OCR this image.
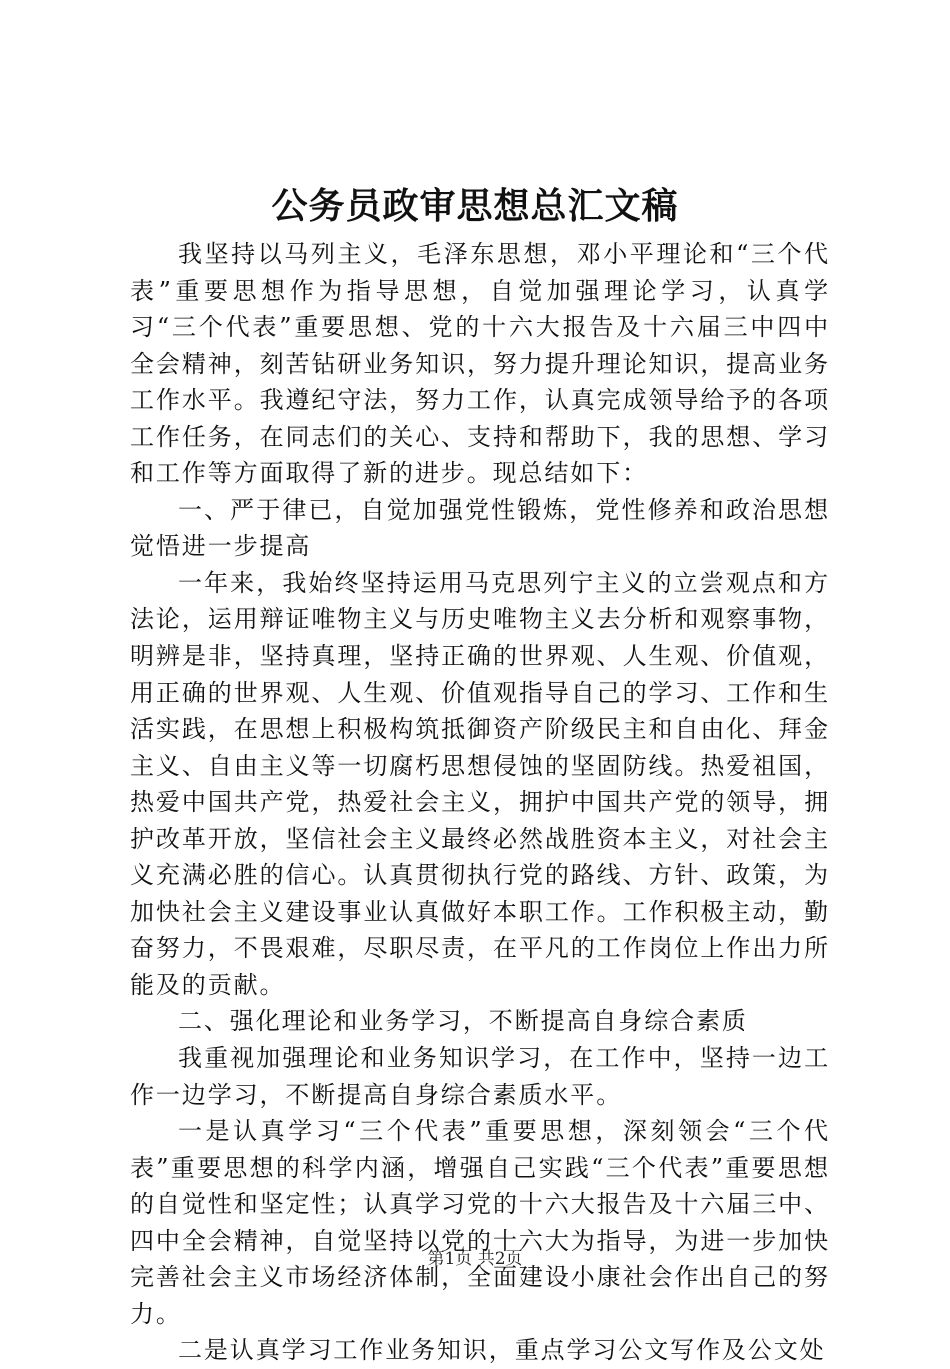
公务员政审思想总汇文稿

我坚持以马列主义，毛泽东思想，邓小平理论和“三个代表”重要思想作为指导思想，自觉加强理论学习，认真学习“三个代表”重要思想、党的十六大报告及十六届三中四中全会精神，刻苦钻研业务知识，努力提升理论知识，提高业务工作水平。我遵纪守法，努力工作，认真完成领导给予的各项工作任务，在同志们的关心、支持和帮助下，我的思想、学习和工作等方面取得了新的进步。现总结如下：

一、严于律已，自觉加强党性锻炼，党性修养和政治思想觉悟进一步提高

一年来，我始终坚持运用马克思列宁主义的立尝观点和方法论，运用辩证唯物主义与历史唯物主义去分析和观察事物，明辨是非，坚持真理，坚持正确的世界观、人生观、价值观，用正确的世界观、人生观、价值观指导自己的学习、工作和生活实践，在思想上积极构筑抵御资产阶级民主和自由化、拜金主义、自由主义等一切腐朽思想侵蚀的坚固防线。热爱祖国，热爱中国共产党，热爱社会主义，拥护中国共产党的领导，拥护改革开放，坚信社会主义最终必然战胜资本主义，对社会主义充满必胜的信心。认真贯彻执行党的路线、方针、政策，为加快社会主义建设事业认真做好本职工作。工作积极主动，勤奋努力，不畏艰难，尽职尽责，在平凡的工作岗位上作出力所能及的贡献。

二、强化理论和业务学习，不断提高自身综合素质

我重视加强理论和业务知识学习，在工作中，坚持一边工作一边学习，不断提高自身综合素质水平。

一是认真学习“三个代表”重要思想，深刻领会“三个代表”重要思想的科学内涵，增强自己实践“三个代表”重要思想的自觉性和坚定性；认真学习党的十六大报告及十六届三中、四中全会精神，自觉坚持以党的十六大为指导，为进一步加快完善社会主义市场经济体制，全面建设小康社会作出自己的努力。

二是认真学习工作业务知识，重点学习公文写作及公文处

第1页 共2页
